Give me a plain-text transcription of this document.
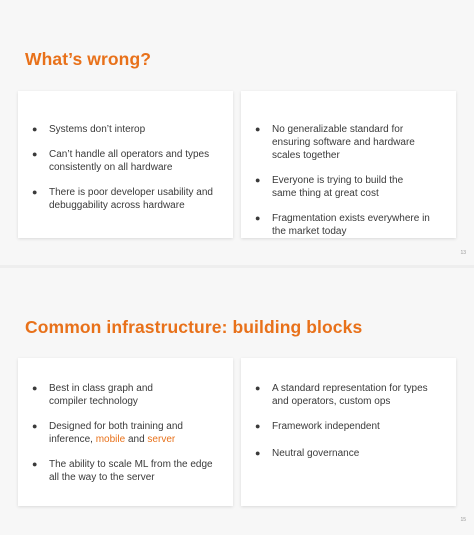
What’s wrong?
● Systems don’t interop
● Can’t handle all operators and types consistently on all hardware
● There is poor developer usability and debuggability across hardware
● No generalizable standard for ensuring software and hardware scales together
● Everyone is trying to build the same thing at great cost
● Fragmentation exists everywhere in the market today
13
Common infrastructure: building blocks
● Best in class graph and compiler technology
● Designed for both training and inference, mobile and server
● The ability to scale ML from the edge all the way to the server
● A standard representation for types and operators, custom ops
● Framework independent
● Neutral governance
15
